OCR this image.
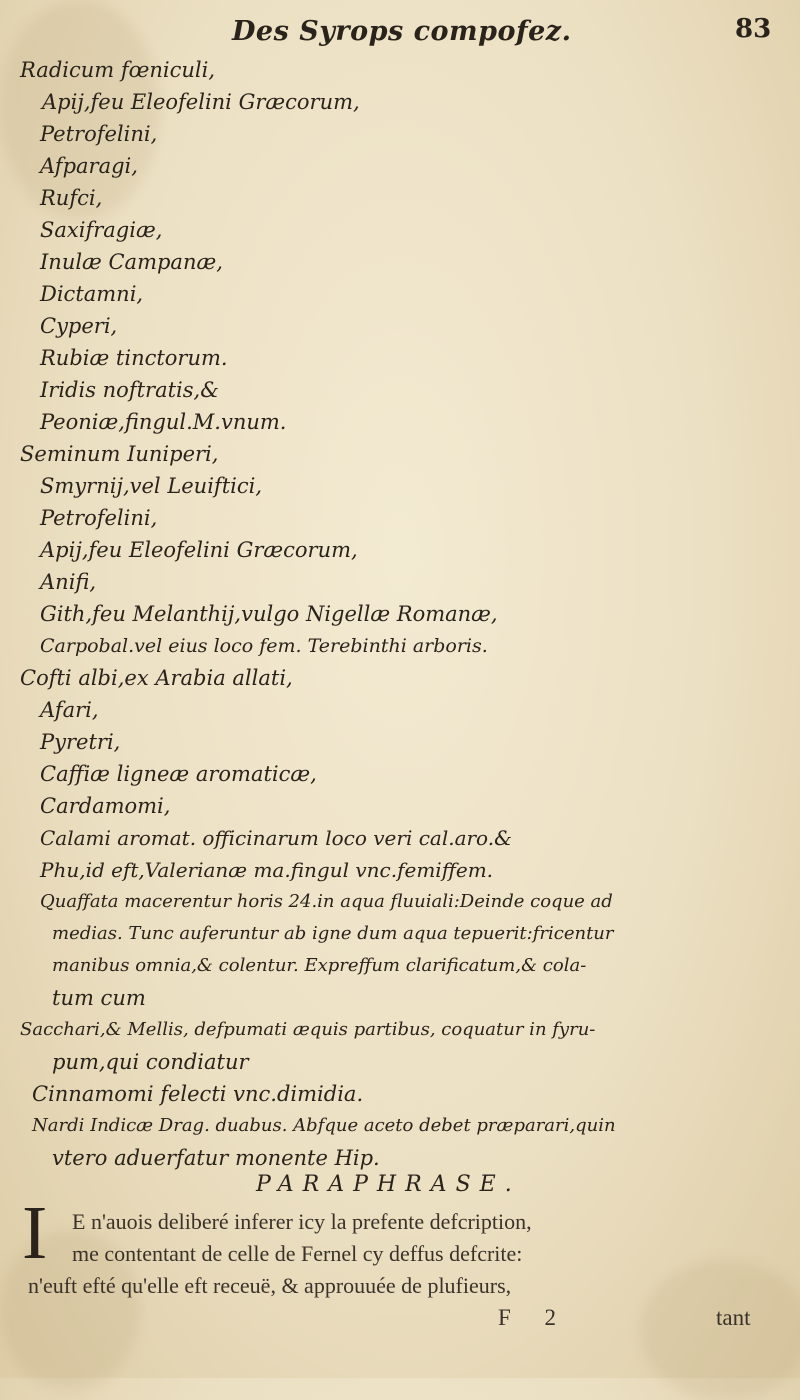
Des Syrops compofez.	83
Radicum fœniculi,
Apij,feu Eleofelini Græcorum,
Petrofelini,
Afparagi,
Rufci,
Saxifragiæ,
Inulæ Campanæ,
Dictamni,
Cyperi,
Rubiæ tinctorum.
Iridis noftratis,&
Peoniæ,fingul.M.vnum.
Seminum Iuniperi,
Smyrnij,vel Leuiftici,
Petrofelini,
Apij,feu Eleofelini Græcorum,
Anifi,
Gith,feu Melanthij,vulgo Nigellæ Romanæ,
Carpobal.vel eius loco fem. Terebinthi arboris.
Cofti albi,ex Arabia allati,
Afari,
Pyretri,
Caffiæ ligneæ aromaticæ,
Cardamomi,
Calami aromat. officinarum loco veri cal.aro.&
Phu,id eft,Valerianæ ma.fingul vnc.femiffem.
Quaffata macerentur horis 24.in aqua fluuiali:Deinde coque ad
medias. Tunc auferuntur ab igne dum aqua tepuerit:fricentur
manibus omnia,& colentur. Expreffum clarificatum,& cola-
tum cum
Sacchari,& Mellis, defpumati æquis partibus, coquatur in fyru-
pum,qui condiatur
Cinnamomi felecti vnc.dimidia.
Nardi Indicæ Drag. duabus. Abfque aceto debet præparari,quin
vtero aduerfatur monente Hip.
PARAPHRASE.
I E n'auois deliberé inferer icy la prefente defcription,
me contentant de celle de Fernel cy deffus defcrite:
n'euft efté qu'elle eft receuë, & approuuée de plufieurs,
F 2	tant
